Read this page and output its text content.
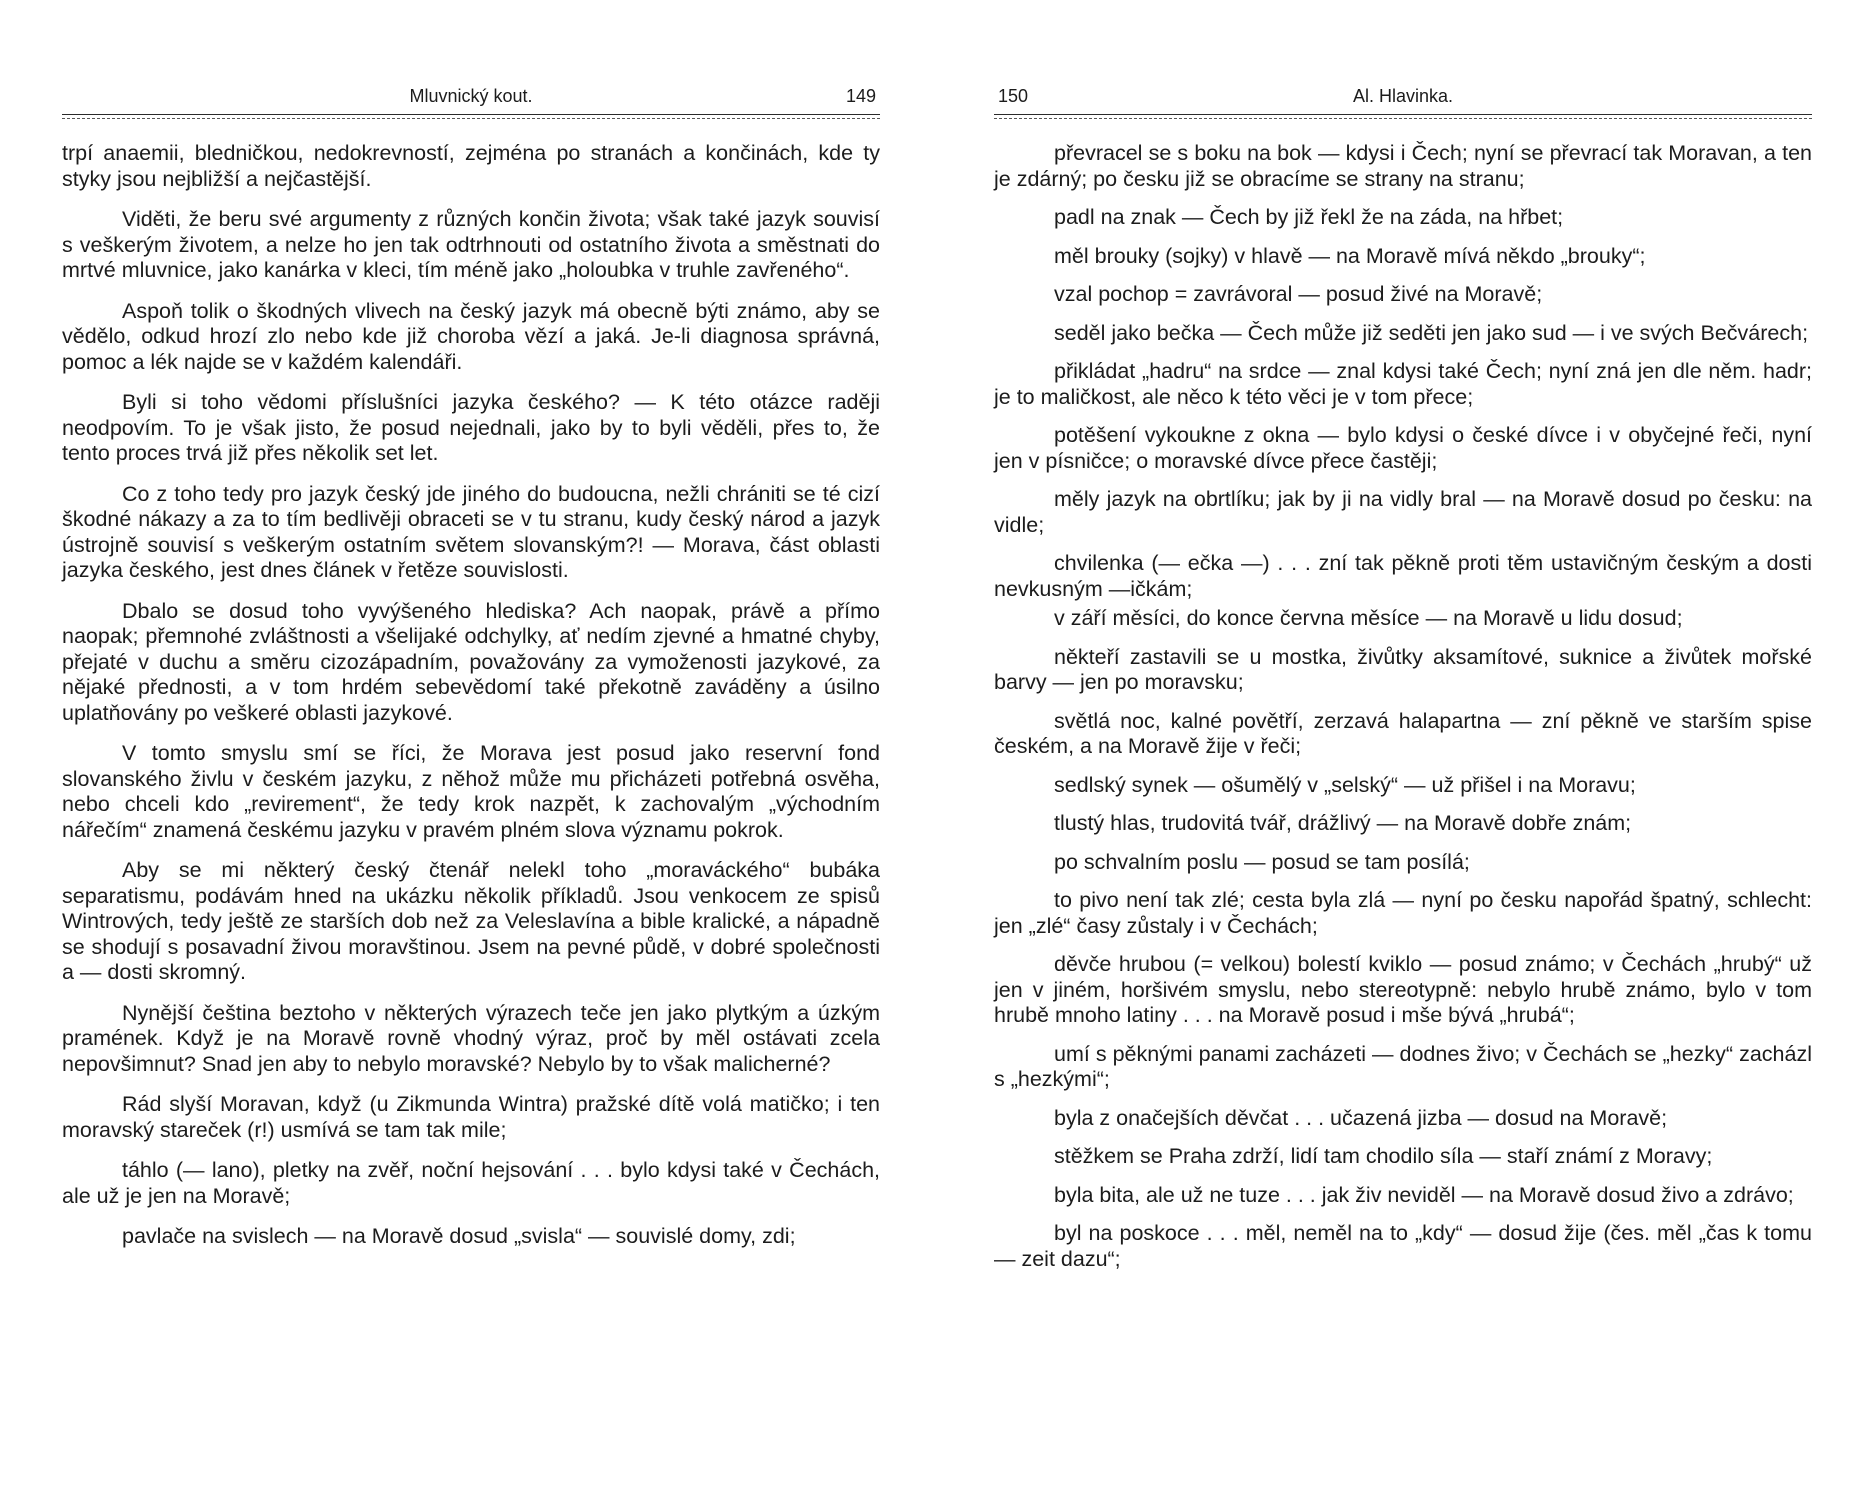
Mluvnický kout.	149

trpí anaemii, bledničkou, nedokrevností, zejména po stranách a končinách, kde ty styky jsou nejbližší a nejčastější.

Viděti, že beru své argumenty z různých končin života; však také jazyk souvisí s veškerým životem, a nelze ho jen tak odtrhnouti od ostatního života a směstnati do mrtvé mluvnice, jako kanárka v kleci, tím méně jako „holoubka v truhle zavřeného“.

Aspoň tolik o škodných vlivech na český jazyk má obecně býti známo, aby se vědělo, odkud hrozí zlo nebo kde již choroba vězí a jaká. Je-li diagnosa správná, pomoc a lék najde se v každém kalendáři.

Byli si toho vědomi příslušníci jazyka českého? — K této otázce raději neodpovím. To je však jisto, že posud nejednali, jako by to byli věděli, přes to, že tento proces trvá již přes několik set let.

Co z toho tedy pro jazyk český jde jiného do budoucna, nežli chrániti se té cizí škodné nákazy a za to tím bedlivěji obraceti se v tu stranu, kudy český národ a jazyk ústrojně souvisí s veškerým ostatním světem slovanským?! — Morava, část oblasti jazyka českého, jest dnes článek v řetěze souvislosti.

Dbalo se dosud toho vyvýšeného hlediska? Ach naopak, právě a přímo naopak; přemnohé zvláštnosti a všelijaké odchylky, ať nedím zjevné a hmatné chyby, přejaté v duchu a směru cizozápadním, považovány za vymoženosti jazykové, za nějaké přednosti, a v tom hrdém sebevědomí také překotně zaváděny a úsilno uplatňovány po veškeré oblasti jazykové.

V tomto smyslu smí se říci, že Morava jest posud jako reservní fond slovanského živlu v českém jazyku, z něhož může mu přicházeti potřebná osvěha, nebo chceli kdo „revirement“, že tedy krok nazpět, k zachovalým „východním nářečím“ znamená českému jazyku v pravém plném slova významu pokrok.

Aby se mi některý český čtenář nelekl toho „moraváckého“ bubáka separatismu, podávám hned na ukázku několik příkladů. Jsou venkocem ze spisů Wintrových, tedy ještě ze starších dob než za Veleslavína a bible kralické, a nápadně se shodují s posavadní živou moravštinou. Jsem na pevné půdě, v dobré společnosti a — dosti skromný.

Nynější čeština beztoho v některých výrazech teče jen jako plytkým a úzkým pramének. Když je na Moravě rovně vhodný výraz, proč by měl ostávati zcela nepovšimnut? Snad jen aby to nebylo moravské? Nebylo by to však malicherné?

Rád slyší Moravan, když (u Zikmunda Wintra) pražské dítě volá matičko; i ten moravský stareček (r!) usmívá se tam tak mile;

táhlo (— lano), pletky na zvěř, noční hejsování . . . bylo kdysi také v Čechách, ale už je jen na Moravě;

pavlače na svislech — na Moravě dosud „svisla“ — souvislé domy, zdi;

150	Al. Hlavinka.

převracel se s boku na bok — kdysi i Čech; nyní se převrací tak Moravan, a ten je zdárný; po česku již se obracíme se strany na stranu;

padl na znak — Čech by již řekl že na záda, na hřbet;

měl brouky (sojky) v hlavě — na Moravě mívá někdo „brouky“;

vzal pochop = zavrávoral — posud živé na Moravě;

seděl jako bečka — Čech může již seděti jen jako sud — i ve svých Bečvárech;

přikládat „hadru“ na srdce — znal kdysi také Čech; nyní zná jen dle něm. hadr; je to maličkost, ale něco k této věci je v tom přece;

potěšení vykoukne z okna — bylo kdysi o české dívce i v obyčejné řeči, nyní jen v písničce; o moravské dívce přece častěji;

měly jazyk na obrtlíku; jak by ji na vidly bral — na Moravě dosud po česku: na vidle;

chvilenka (— ečka —) . . . zní tak pěkně proti těm ustavičným českým a dosti nevkusným —ičkám;

v září měsíci, do konce června měsíce — na Moravě u lidu dosud;

někteří zastavili se u mostka, živůtky aksamítové, suknice a živůtek mořské barvy — jen po moravsku;

světlá noc, kalné povětří, zerzavá halapartna — zní pěkně ve starším spise českém, a na Moravě žije v řeči;

sedlský synek — ošumělý v „selský“ — už přišel i na Moravu;

tlustý hlas, trudovitá tvář, drážlivý — na Moravě dobře znám;

po schvalním poslu — posud se tam posílá;

to pivo není tak zlé; cesta byla zlá — nyní po česku napořád špatný, schlecht: jen „zlé“ časy zůstaly i v Čechách;

děvče hrubou (= velkou) bolestí kviklo — posud známo; v Čechách „hrubý“ už jen v jiném, horšivém smyslu, nebo stereotypně: nebylo hrubě známo, bylo v tom hrubě mnoho latiny . . . na Moravě posud i mše bývá „hrubá“;

umí s pěknými panami zacházeti — dodnes živo; v Čechách se „hezky“ zacházl s „hezkými“;

byla z onačejších děvčat . . . učazená jizba — dosud na Moravě;

stěžkem se Praha zdrží, lidí tam chodilo síla — staří známí z Moravy;

byla bita, ale už ne tuze . . . jak živ neviděl — na Moravě dosud živo a zdrávo;

byl na poskoce . . . měl, neměl na to „kdy“ — dosud žije (čes. měl „čas k tomu — zeit dazu“;
